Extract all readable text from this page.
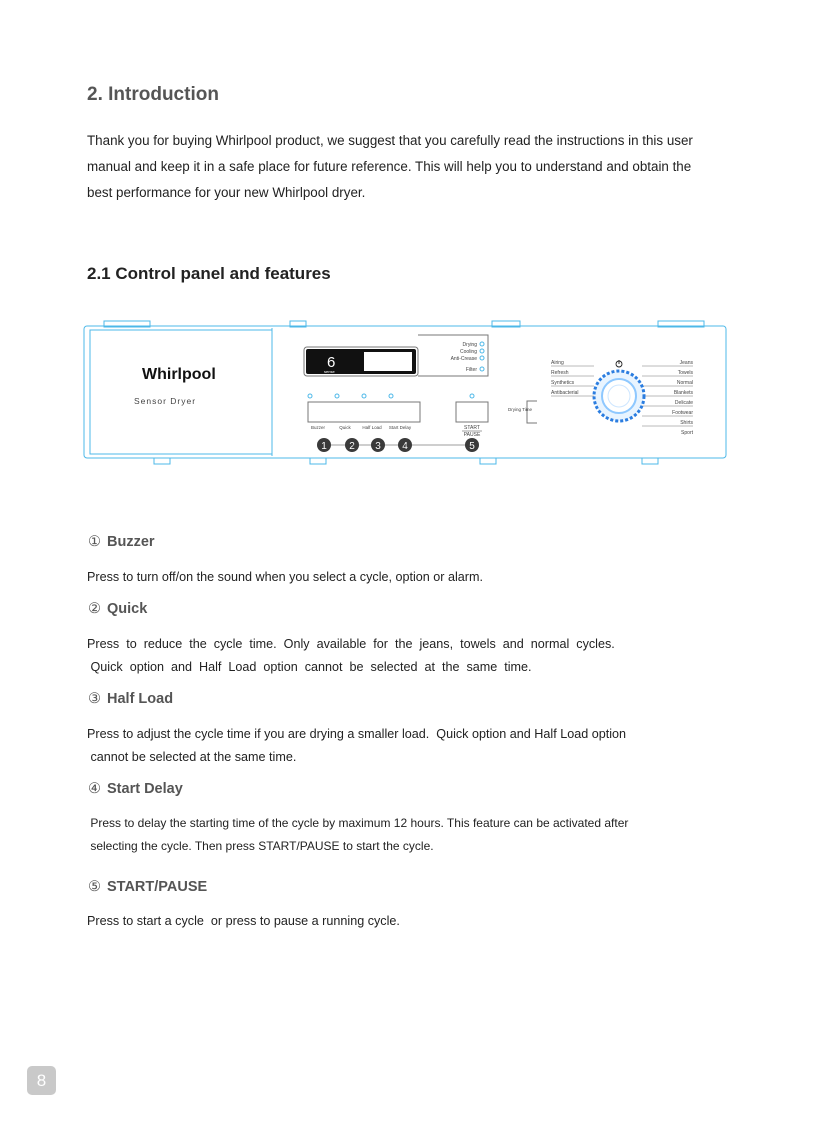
2. Introduction

Thank you for buying Whirlpool product, we suggest that you carefully read the instructions in this user manual and keep it in a safe place for future reference. This will help you to understand and obtain the best performance for your new Whirlpool dryer.

2.1 Control panel and features
6
sense
Drying
Cooling
Anti-Crease
Filter
Buzzer	Quick	Half Load Start Delay	START
PAUSE
1 2 3 4	5
Whirlpool
Sensor Dryer
Airing
Refresh
Synthetics
Antibacterial
Drying Time
Jeans
Towels
Normal
Blankets
Delicate
Footwear
Shirts
Sport

① Buzzer

Press to turn off/on the sound when you select a cycle, option or alarm.

② Quick

Press  to  reduce  the  cycle  time.  Only  available  for  the  jeans,  towels  and  normal  cycles.

Quick  option  and  Half  Load  option  cannot  be  selected  at  the  same  time.

③ Half Load

Press to adjust the cycle time if you are drying a smaller load.  Quick option and Half Load option

cannot be selected at the same time.

④ Start Delay

Press to delay the starting time of the cycle by maximum 12 hours. This feature can be activated after

selecting the cycle. Then press START/PAUSE to start the cycle.

⑤ START/PAUSE

Press to start a cycle  or press to pause a running cycle.

8
